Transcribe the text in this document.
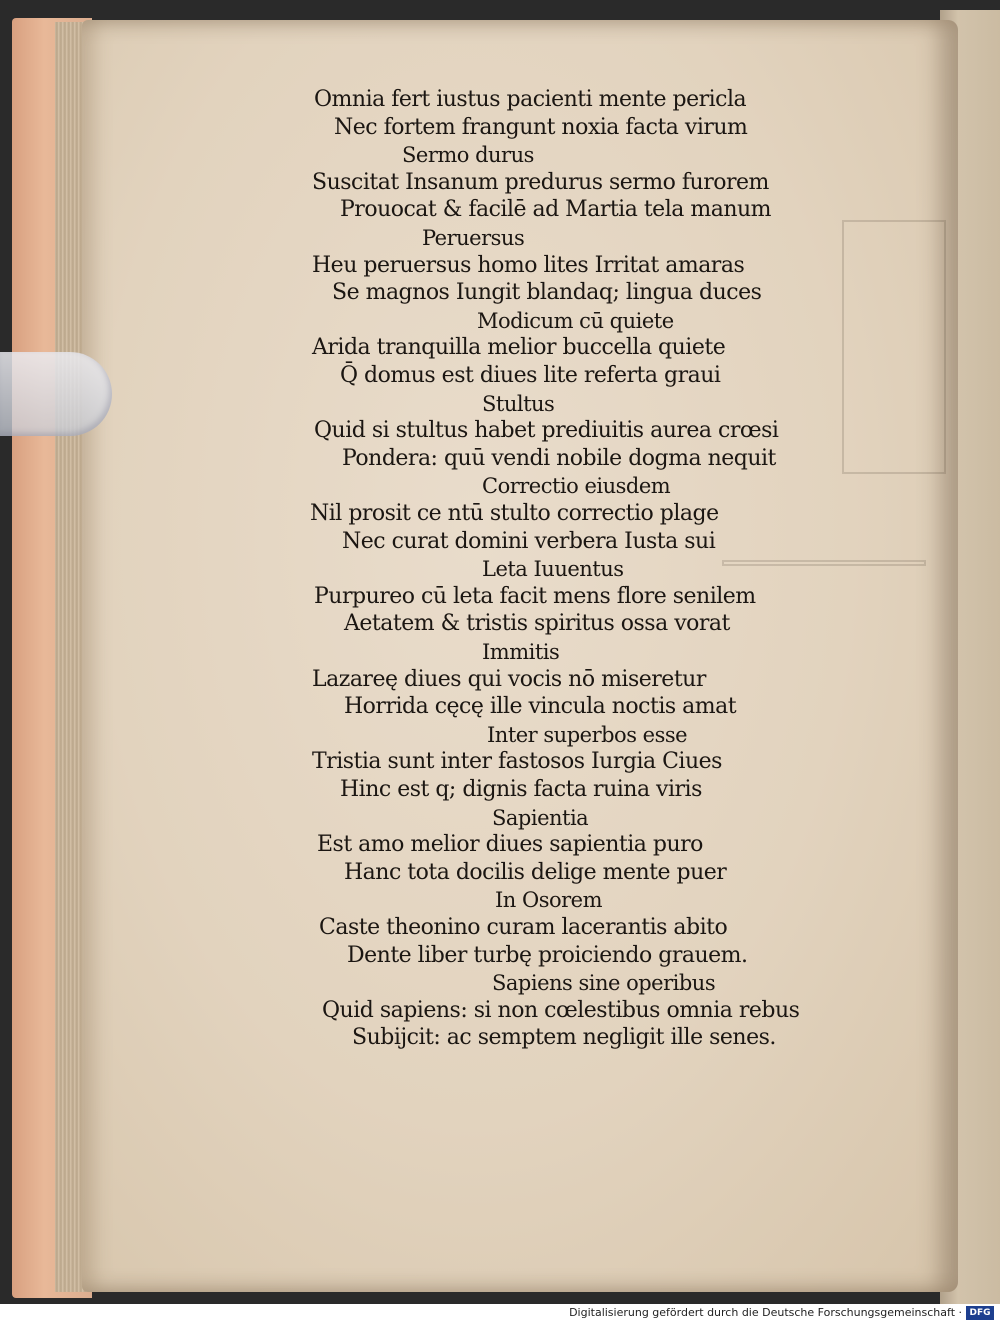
Omnia fert iustus pacienti mente pericla
Nec fortem frangunt noxia facta virum
Sermo durus
Suscitat Insanum predurus sermo furorem
Prouocat & facilē ad Martia tela manum
Peruersus
Heu peruersus homo lites Irritat amaras
Se magnos Iungit blandaq; lingua duces
Modicum cū quiete
Arida tranquilla melior buccella quiete
Q̄ domus est diues lite referta graui
Stultus
Quid si stultus habet prediuitis aurea crœsi
Pondera: quū vendi nobile dogma nequit
Correctio eiusdem
Nil prosit ce ntū stulto correctio plage
Nec curat domini verbera Iusta sui
Leta Iuuentus
Purpureo cū leta facit mens flore senilem
Aetatem & tristis spiritus ossa vorat
Immitis
Lazareę diues qui vocis nō miseretur
Horrida cęcę ille vincula noctis amat
Inter superbos esse
Tristia sunt inter fastosos Iurgia Ciues
Hinc est q; dignis facta ruina viris
Sapientia
Est amo melior diues sapientia puro
Hanc tota docilis delige mente puer
In Osorem
Caste theonino curam lacerantis abito
Dente liber turbę proiciendo grauem.
Sapiens sine operibus
Quid sapiens: si non cœlestibus omnia rebus
Subijcit: ac semptem negligit ille senes.
Digitalisierung gefördert durch die Deutsche Forschungsgemeinschaft · DFG
